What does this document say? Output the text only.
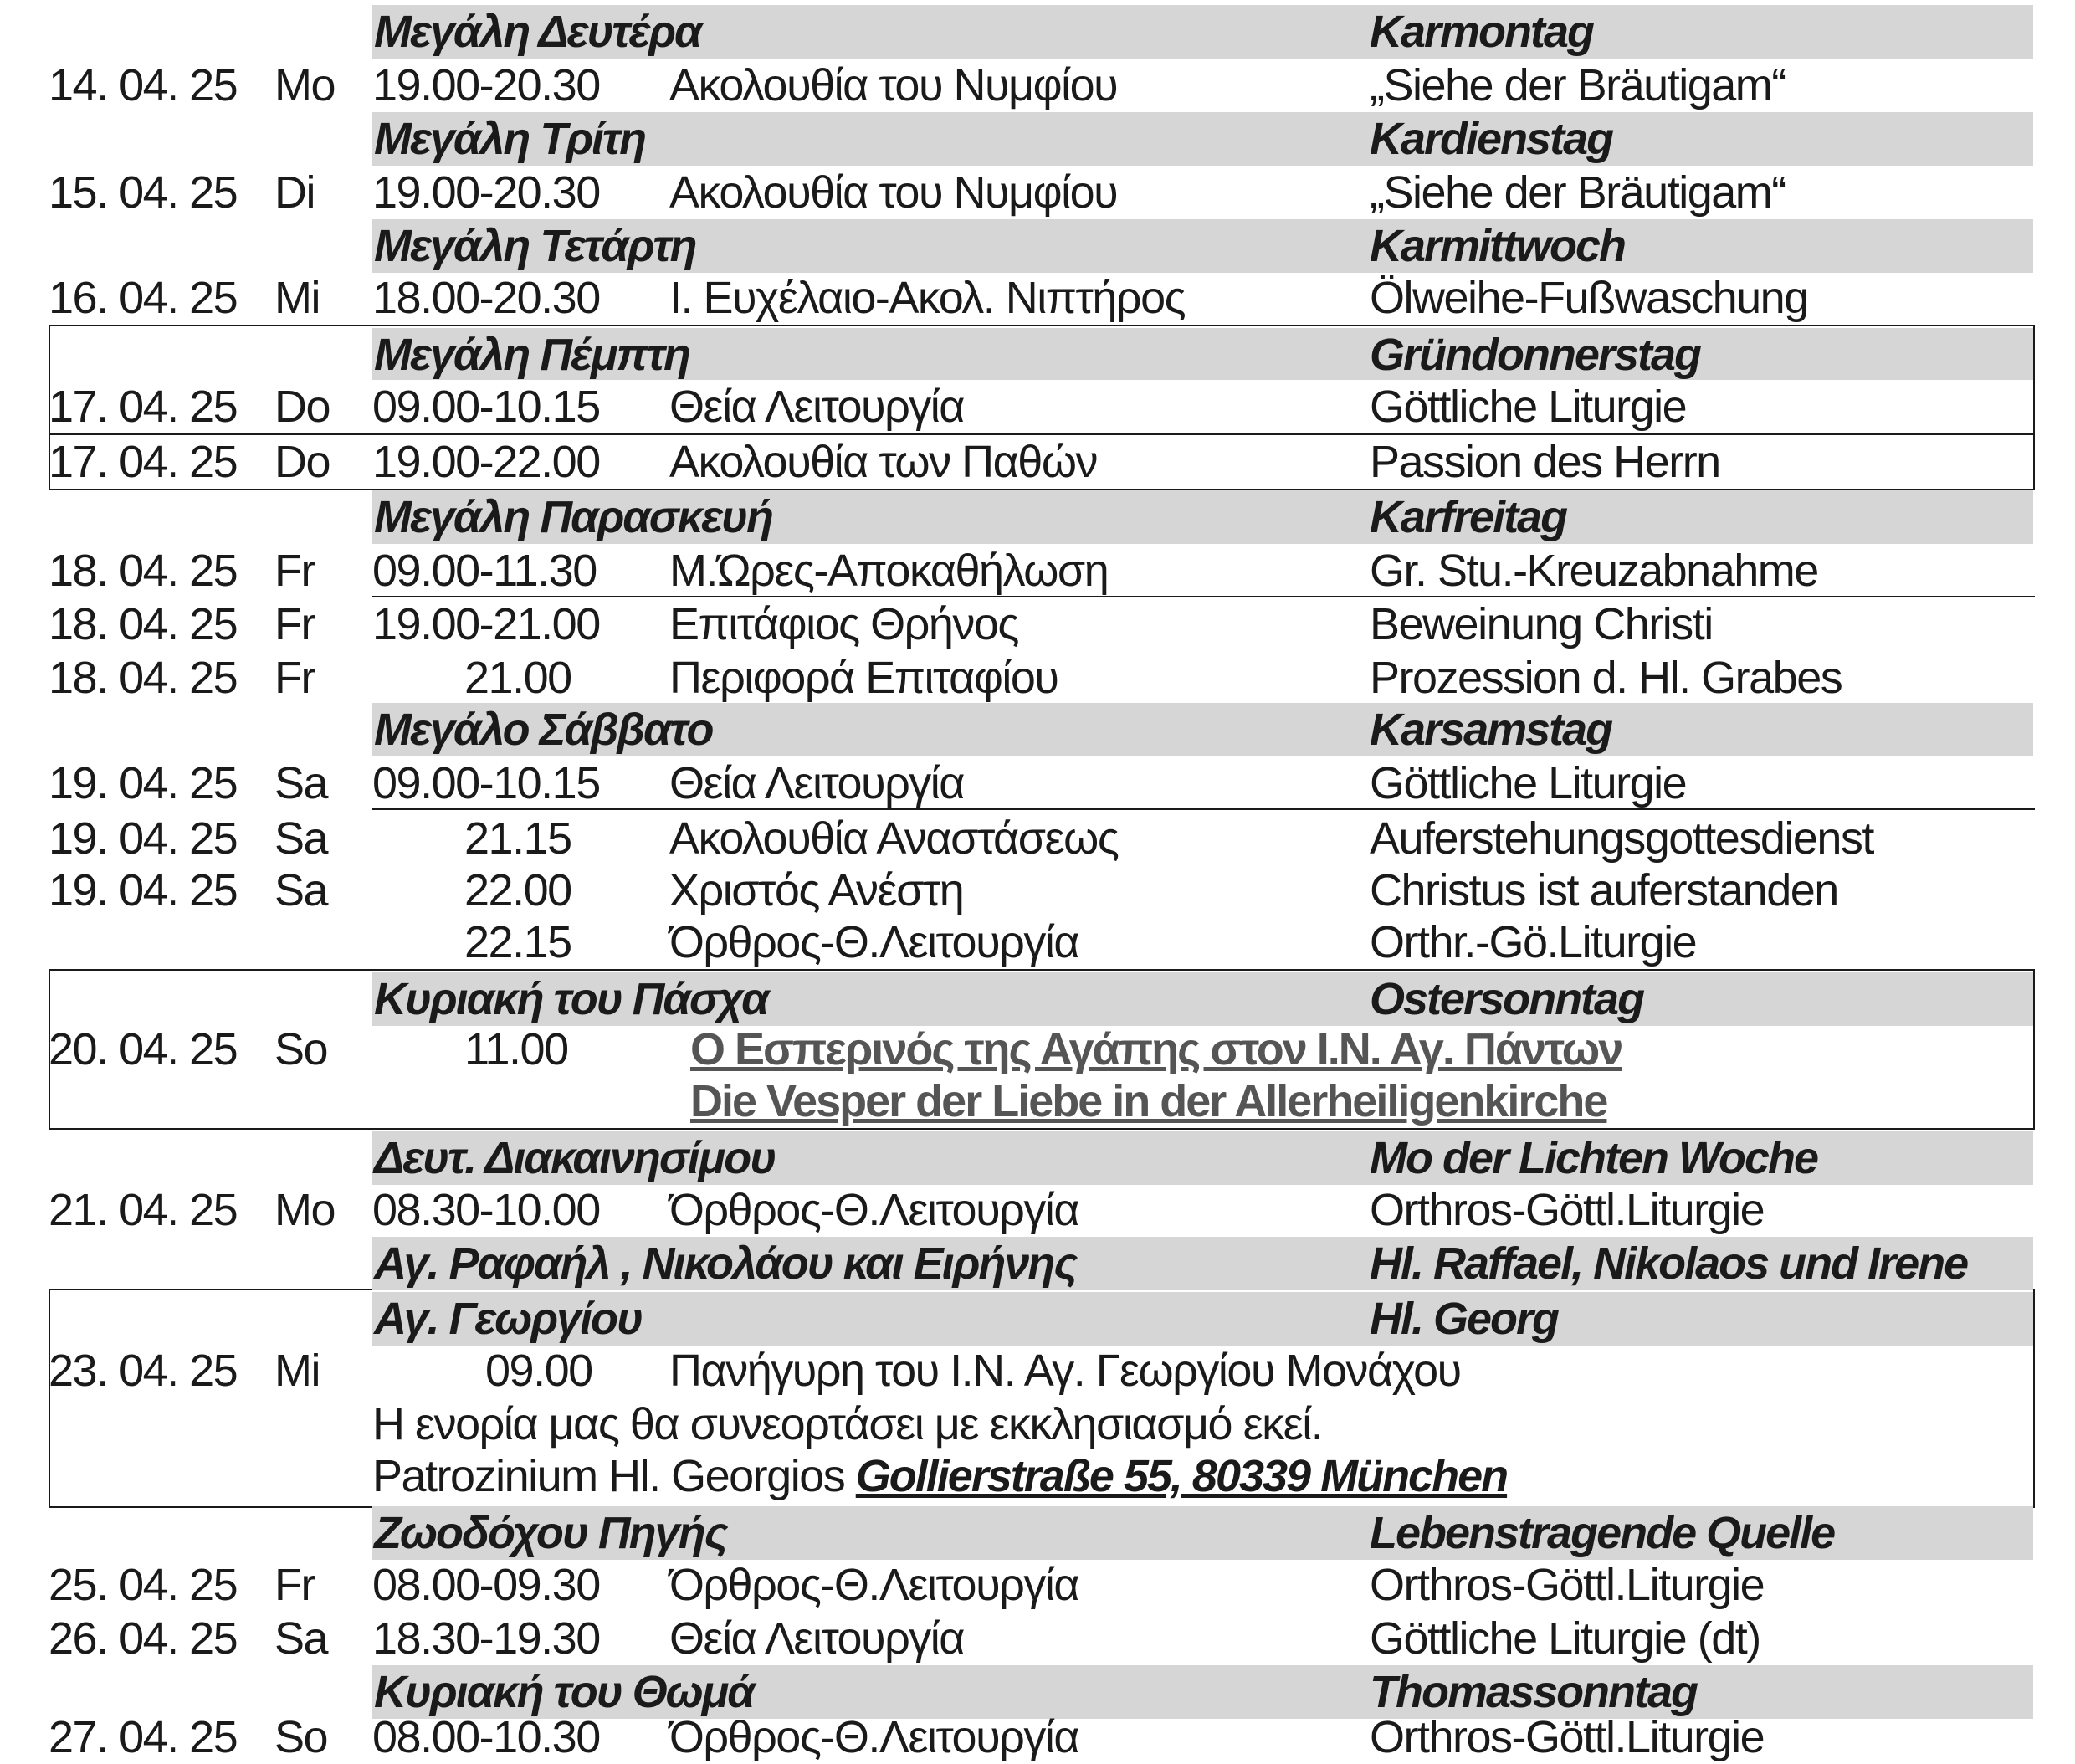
Μεγάλη Δευτέρα	Karmontag
14. 04. 25 Mo 19.00-20.30 Ακολουθία του Νυμφίου	„Siehe der Bräutigam“
Μεγάλη Τρίτη	Kardienstag
15. 04. 25 Di 19.00-20.30 Ακολουθία του Νυμφίου	„Siehe der Bräutigam“
Μεγάλη Τετάρτη	Karmittwoch
16. 04. 25 Mi 18.00-20.30 Ι. Ευχέλαιο-Ακολ. Νιπτήρος	Ölweihe-Fußwaschung
Μεγάλη Πέμπτη	Gründonnerstag
17. 04. 25 Do 09.00-10.15 Θεία Λειτουργία	Göttliche Liturgie
17. 04. 25 Do 19.00-22.00 Ακολουθία των Παθών	Passion des Herrn
Μεγάλη Παρασκευή	Karfreitag
18. 04. 25 Fr 09.00-11.30 Μ.Ώρες-Αποκαθήλωση	Gr. Stu.-Kreuzabnahme
18. 04. 25 Fr 19.00-21.00 Επιτάφιος Θρήνος	Beweinung Christi
18. 04. 25 Fr	21.00 Περιφορά Επιταφίου	Prozession d. Hl. Grabes
Μεγάλο Σάββατο	Karsamstag
19. 04. 25 Sa 09.00-10.15 Θεία Λειτουργία	Göttliche Liturgie
19. 04. 25 Sa	21.15 Ακολουθία Αναστάσεως	Auferstehungsgottesdienst
19. 04. 25 Sa	22.00 Χριστός Ανέστη	Christus ist auferstanden
22.15 Όρθρος-Θ.Λειτουργία	Orthr.-Gö.Liturgie
Κυριακή του Πάσχα	Ostersonntag
20. 04. 25 So	11.00	Ο Εσπερινός της Αγάπης στον Ι.Ν. Αγ. Πάντων
Die Vesper der Liebe in der Allerheiligenkirche
Δευτ. Διακαινησίμου	Mo der Lichten Woche
21. 04. 25 Mo 08.30-10.00 Όρθρος-Θ.Λειτουργία	Orthros-Göttl.Liturgie
Αγ. Ραφαήλ , Νικολάου και Ειρήνης	Hl. Raffael, Nikolaos und Irene
Αγ. Γεωργίου	Hl. Georg
23. 04. 25 Mi	09.00 Πανήγυρη του Ι.Ν. Αγ. Γεωργίου Μονάχου
Η ενορία μας θα συνεορτάσει με εκκλησιασμό εκεί.
Patrozinium Hl. Georgios Gollierstraße 55, 80339 München
Ζωοδόχου Πηγής	Lebenstragende Quelle
25. 04. 25 Fr 08.00-09.30 Όρθρος-Θ.Λειτουργία	Orthros-Göttl.Liturgie
26. 04. 25 Sa 18.30-19.30 Θεία Λειτουργία	Göttliche Liturgie (dt)
Κυριακή του Θωμά	Thomassonntag
27. 04. 25 So 08.00-10.30 Όρθρος-Θ.Λειτουργία	Orthros-Göttl.Liturgie
